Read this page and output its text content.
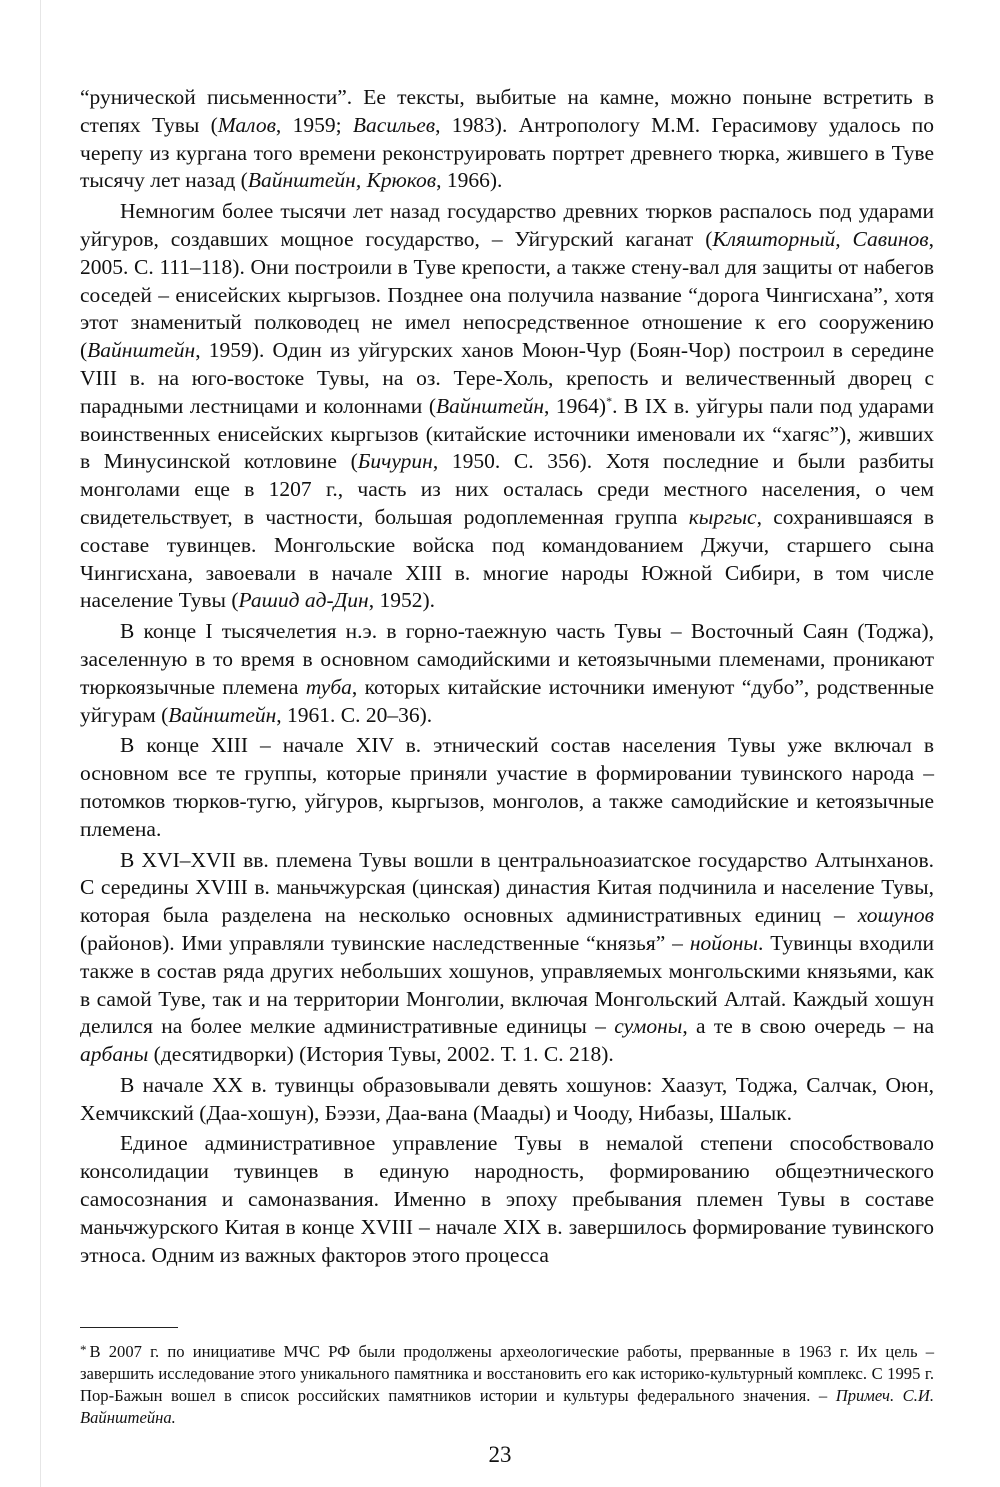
“рунической письменности”. Ее тексты, выбитые на камне, можно поныне встретить в степях Тувы (Малов, 1959; Васильев, 1983). Антропологу М.М. Герасимову удалось по черепу из кургана того времени реконструировать портрет древнего тюрка, жившего в Туве тысячу лет назад (Вайнштейн, Крюков, 1966).

Немногим более тысячи лет назад государство древних тюрков распалось под ударами уйгуров, создавших мощное государство, – Уйгурский каганат (Кляшторный, Савинов, 2005. С. 111–118). Они построили в Туве крепости, а также стену-вал для защиты от набегов соседей – енисейских кыргызов. Позднее она получила название “дорога Чингисхана”, хотя этот знаменитый полководец не имел непосредственное отношение к его сооружению (Вайнштейн, 1959). Один из уйгурских ханов Моюн-Чур (Боян-Чор) построил в середине VIII в. на юго-востоке Тувы, на оз. Тере-Холь, крепость и величественный дворец с парадными лестницами и колоннами (Вайнштейн, 1964)*. В IX в. уйгуры пали под ударами воинственных енисейских кыргызов (китайские источники именовали их “хагяс”), живших в Минусинской котловине (Бичурин, 1950. С. 356). Хотя последние и были разбиты монголами еще в 1207 г., часть из них осталась среди местного населения, о чем свидетельствует, в частности, большая родоплеменная группа кыргыс, сохранившаяся в составе тувинцев. Монгольские войска под командованием Джучи, старшего сына Чингисхана, завоевали в начале XIII в. многие народы Южной Сибири, в том числе население Тувы (Рашид ад-Дин, 1952).

В конце I тысячелетия н.э. в горно-таежную часть Тувы – Восточный Саян (Тоджа), заселенную в то время в основном самодийскими и кетоязычными племенами, проникают тюркоязычные племена туба, которых китайские источники именуют “дубо”, родственные уйгурам (Вайнштейн, 1961. С. 20–36).

В конце XIII – начале XIV в. этнический состав населения Тувы уже включал в основном все те группы, которые приняли участие в формировании тувинского народа – потомков тюрков-тугю, уйгуров, кыргызов, монголов, а также самодийские и кетоязычные племена.

В XVI–XVII вв. племена Тувы вошли в центральноазиатское государство Алтынханов. С середины XVIII в. маньчжурская (цинская) династия Китая подчинила и население Тувы, которая была разделена на несколько основных административных единиц – хошунов (районов). Ими управляли тувинские наследственные “князья” – нойоны. Тувинцы входили также в состав ряда других небольших хошунов, управляемых монгольскими князьями, как в самой Туве, так и на территории Монголии, включая Монгольский Алтай. Каждый хошун делился на более мелкие административные единицы – сумоны, а те в свою очередь – на арбаны (десятидворки) (История Тувы, 2002. Т. 1. С. 218).

В начале XX в. тувинцы образовывали девять хошунов: Хаазут, Тоджа, Салчак, Оюн, Хемчикский (Даа-хошун), Бээзи, Даа-вана (Маады) и Чооду, Нибазы, Шалык.

Единое административное управление Тувы в немалой степени способствовало консолидации тувинцев в единую народность, формированию общеэтнического самосознания и самоназвания. Именно в эпоху пребывания племен Тувы в составе маньчжурского Китая в конце XVIII – начале XIX в. завершилось формирование тувинского этноса. Одним из важных факторов этого процесса

* В 2007 г. по инициативе МЧС РФ были продолжены археологические работы, прерванные в 1963 г. Их цель – завершить исследование этого уникального памятника и восстановить его как историко-культурный комплекс. С 1995 г. Пор-Бажын вошел в список российских памятников истории и культуры федерального значения. – Примеч. С.И. Вайнштейна.

23
